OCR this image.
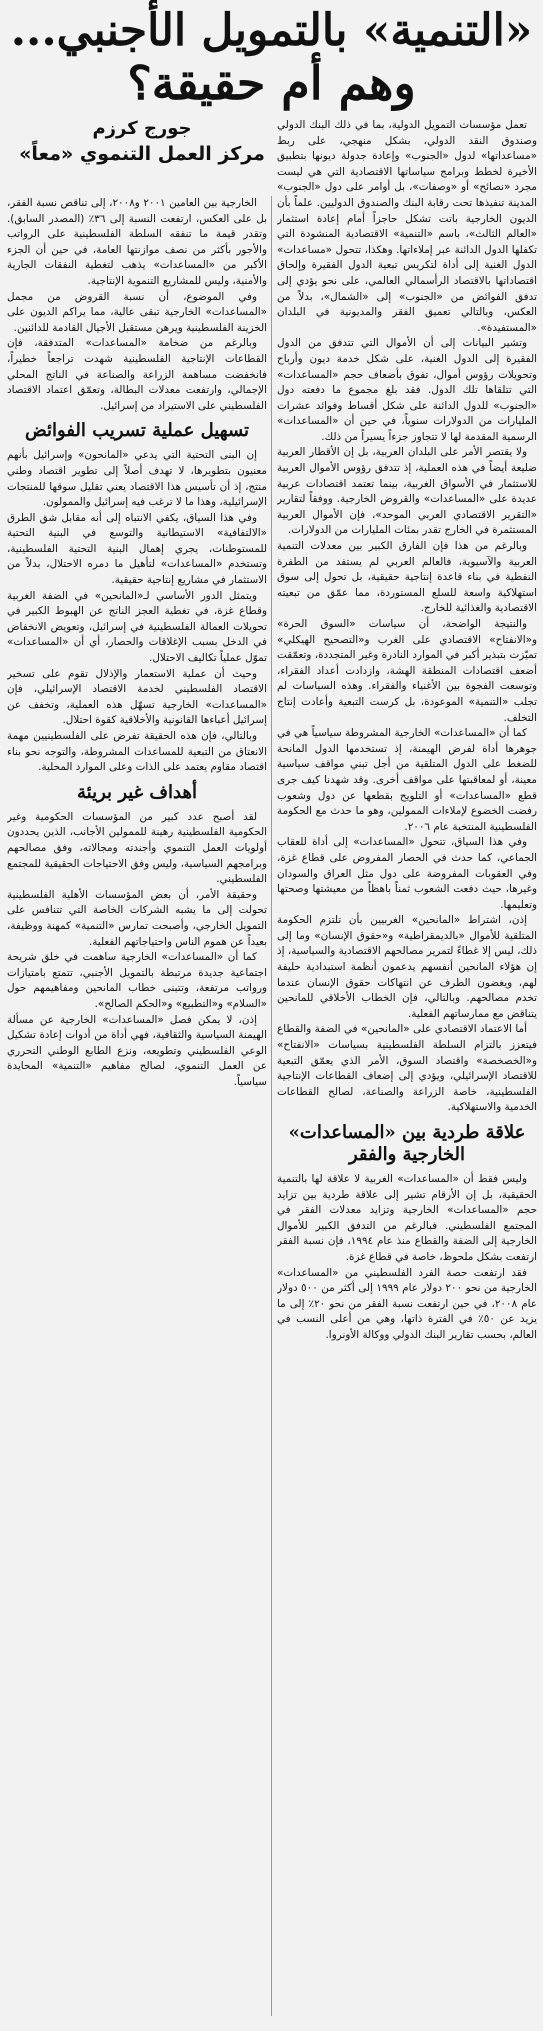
«التنمية» بالتمويل الأجنبي...
وهم أم حقيقة؟
جورج كرزم
مركز العمل التنموي «معاً»

تعمل مؤسسات التمويل الدولية، بما في ذلك البنك الدولي وصندوق النقد الدولي، بشكل منهجي، على ربط «مساعداتها» لدول «الجنوب» وإعادة جدولة ديونها بتطبيق الأخيرة لخطط وبرامج سياساتها الاقتصادية التي هي ليست مجرد «نصائح» أو «وصفات»، بل أوامر على دول «الجنوب» المدينة تنفيذها تحت رقابة البنك والصندوق الدوليين. علماً بأن الديون الخارجية باتت تشكل حاجزاً أمام إعادة استثمار «العالم الثالث»، باسم «التنمية» الاقتصادية المنشودة التي تكفلها الدول الدائنة عبر إملاءاتها. وهكذا، تتحول «مساعدات» الدول الغنية إلى أداة لتكريس تبعية الدول الفقيرة وإلحاق اقتصاداتها بالاقتصاد الرأسمالي العالمي، على نحو يؤدي إلى تدفق الفوائض من «الجنوب» إلى «الشمال»، بدلاً من العكس، وبالتالي تعميق الفقر والمديونية في البلدان «المستفيدة».

وتشير البيانات إلى أن الأموال التي تتدفق من الدول الفقيرة إلى الدول الغنية، على شكل خدمة ديون وأرباح وتحويلات رؤوس أموال، تفوق بأضعاف حجم «المساعدات» التي تتلقاها تلك الدول. فقد بلغ مجموع ما دفعته دول «الجنوب» للدول الدائنة على شكل أقساط وفوائد عشرات المليارات من الدولارات سنوياً، في حين أن «المساعدات» الرسمية المقدمة لها لا تتجاوز جزءاً يسيراً من ذلك.

ولا يقتصر الأمر على البلدان العربية، بل إن الأقطار العربية ضليعة أيضاً في هذه العملية، إذ تتدفق رؤوس الأموال العربية للاستثمار في الأسواق الغربية، بينما تعتمد اقتصادات عربية عديدة على «المساعدات» والقروض الخارجية. ووفقاً لتقارير «التقرير الاقتصادي العربي الموحد»، فإن الأموال العربية المستثمرة في الخارج تقدر بمئات المليارات من الدولارات.

وبالرغم من هذا فإن الفارق الكبير بين معدلات التنمية العربية والآسيوية، فالعالم العربي لم يستفد من الطفرة النفطية في بناء قاعدة إنتاجية حقيقية، بل تحول إلى سوق استهلاكية واسعة للسلع المستوردة، مما عمّق من تبعيته الاقتصادية والغذائية للخارج.

والنتيجة الواضحة، أن سياسات «السوق الحرة» و«الانفتاح» الاقتصادي على الغرب و«التصحيح الهيكلي» تميّزت بتبذير أكبر في الموارد النادرة وغير المتجددة، وتعمّقت أضعف اقتصادات المنطقة الهشة، وازدادت أعداد الفقراء، وتوسعت الفجوة بين الأغنياء والفقراء. وهذه السياسات لم تجلب «التنمية» الموعودة، بل كرست التبعية وأعادت إنتاج التخلف.

كما أن «المساعدات» الخارجية المشروطة سياسياً هي في جوهرها أداة لفرض الهيمنة، إذ تستخدمها الدول المانحة للضغط على الدول المتلقية من أجل تبني مواقف سياسية معينة، أو لمعاقبتها على مواقف أخرى. وقد شهدنا كيف جرى قطع «المساعدات» أو التلويح بقطعها عن دول وشعوب رفضت الخضوع لإملاءات الممولين، وهو ما حدث مع الحكومة الفلسطينية المنتخبة عام ٢٠٠٦.

وفي هذا السياق، تتحول «المساعدات» إلى أداة للعقاب الجماعي، كما حدث في الحصار المفروض على قطاع غزة، وفي العقوبات المفروضة على دول مثل العراق والسودان وغيرها، حيث دفعت الشعوب ثمناً باهظاً من معيشتها وصحتها وتعليمها.

إذن، اشتراط «المانحين» الغربيين بأن تلتزم الحكومة المتلقية للأموال «بالديمقراطية» و«حقوق الإنسان» وما إلى ذلك، ليس إلا غطاءً لتمرير مصالحهم الاقتصادية والسياسية، إذ إن هؤلاء المانحين أنفسهم يدعمون أنظمة استبدادية حليفة لهم، ويغضون الطرف عن انتهاكات حقوق الإنسان عندما تخدم مصالحهم. وبالتالي، فإن الخطاب الأخلاقي للمانحين يتناقض مع ممارساتهم الفعلية.

أما الاعتماد الاقتصادي على «المانحين» في الضفة والقطاع فيتعزز بالتزام السلطة الفلسطينية بسياسات «الانفتاح» و«الخصخصة» واقتصاد السوق، الأمر الذي يعمّق التبعية للاقتصاد الإسرائيلي، ويؤدي إلى إضعاف القطاعات الإنتاجية الفلسطينية، خاصة الزراعة والصناعة، لصالح القطاعات الخدمية والاستهلاكية.

علاقة طردية بين «المساعدات» الخارجية والفقر

وليس فقط أن «المساعدات» الغربية لا علاقة لها بالتنمية الحقيقية، بل إن الأرقام تشير إلى علاقة طردية بين تزايد حجم «المساعدات» الخارجية وتزايد معدلات الفقر في المجتمع الفلسطيني. فبالرغم من التدفق الكبير للأموال الخارجية إلى الضفة والقطاع منذ عام ١٩٩٤، فإن نسبة الفقر ارتفعت بشكل ملحوظ، خاصة في قطاع غزة.

فقد ارتفعت حصة الفرد الفلسطيني من «المساعدات» الخارجية من نحو ٢٠٠ دولار عام ١٩٩٩ إلى أكثر من ٥٠٠ دولار عام ٢٠٠٨، في حين ارتفعت نسبة الفقر من نحو ٢٠٪ إلى ما يزيد عن ٥٠٪ في الفترة ذاتها، وهي من أعلى النسب في العالم، بحسب تقارير البنك الدولي ووكالة الأونروا.

الخارجية بين العامين ٢٠٠١ و٢٠٠٨، إلى تناقص نسبة الفقر، بل على العكس، ارتفعت النسبة إلى ٣٦٪ (المصدر السابق). وتقدر قيمة ما تنفقه السلطة الفلسطينية على الرواتب والأجور بأكثر من نصف موازنتها العامة، في حين أن الجزء الأكبر من «المساعدات» يذهب لتغطية النفقات الجارية والأمنية، وليس للمشاريع التنموية الإنتاجية.

وفي الموضوع، أن نسبة القروض من مجمل «المساعدات» الخارجية تبقى عالية، مما يراكم الديون على الخزينة الفلسطينية ويرهن مستقبل الأجيال القادمة للدائنين.

وبالرغم من ضخامة «المساعدات» المتدفقة، فإن القطاعات الإنتاجية الفلسطينية شهدت تراجعاً خطيراً، فانخفضت مساهمة الزراعة والصناعة في الناتج المحلي الإجمالي، وارتفعت معدلات البطالة، وتعمّق اعتماد الاقتصاد الفلسطيني على الاستيراد من إسرائيل.

تسهيل عملية تسريب الفوائض

إن البنى التحتية التي يدعي «المانحون» وإسرائيل بأنهم معنيون بتطويرها، لا تهدف أصلاً إلى تطوير اقتصاد وطني منتج، إذ أن تأسيس هذا الاقتصاد يعني تقليل سوقها للمنتجات الإسرائيلية، وهذا ما لا ترغب فيه إسرائيل والممولون.

وفي هذا السياق، يكفي الانتباه إلى أنه مقابل شق الطرق «الالتفافية» الاستيطانية والتوسع في البنية التحتية للمستوطنات، يجري إهمال البنية التحتية الفلسطينية، وتستخدم «المساعدات» لتأهيل ما دمره الاحتلال، بدلاً من الاستثمار في مشاريع إنتاجية حقيقية.

ويتمثل الدور الأساسي لـ«المانحين» في الضفة الغربية وقطاع غزة، في تغطية العجز الناتج عن الهبوط الكبير في تحويلات العمالة الفلسطينية في إسرائيل، وتعويض الانخفاض في الدخل بسبب الإغلاقات والحصار، أي أن «المساعدات» تموّل عملياً تكاليف الاحتلال.

وحيث أن عملية الاستعمار والإذلال تقوم على تسخير الاقتصاد الفلسطيني لخدمة الاقتصاد الإسرائيلي، فإن «المساعدات» الخارجية تسهّل هذه العملية، وتخفف عن إسرائيل أعباءها القانونية والأخلاقية كقوة احتلال.

وبالتالي، فإن هذه الحقيقة تفرض على الفلسطينيين مهمة الانعتاق من التبعية للمساعدات المشروطة، والتوجه نحو بناء اقتصاد مقاوم يعتمد على الذات وعلى الموارد المحلية.

أهداف غير بريئة

لقد أصبح عدد كبير من المؤسسات الحكومية وغير الحكومية الفلسطينية رهينة للممولين الأجانب، الذين يحددون أولويات العمل التنموي وأجندته ومجالاته، وفق مصالحهم وبرامجهم السياسية، وليس وفق الاحتياجات الحقيقية للمجتمع الفلسطيني.

وحقيقة الأمر، أن بعض المؤسسات الأهلية الفلسطينية تحولت إلى ما يشبه الشركات الخاصة التي تتنافس على التمويل الخارجي، وأصبحت تمارس «التنمية» كمهنة ووظيفة، بعيداً عن هموم الناس واحتياجاتهم الفعلية.

كما أن «المساعدات» الخارجية ساهمت في خلق شريحة اجتماعية جديدة مرتبطة بالتمويل الأجنبي، تتمتع بامتيازات ورواتب مرتفعة، وتتبنى خطاب المانحين ومفاهيمهم حول «السلام» و«التطبيع» و«الحكم الصالح».

إذن، لا يمكن فصل «المساعدات» الخارجية عن مسألة الهيمنة السياسية والثقافية، فهي أداة من أدوات إعادة تشكيل الوعي الفلسطيني وتطويعه، ونزع الطابع الوطني التحرري عن العمل التنموي، لصالح مفاهيم «التنمية» المحايدة سياسياً.
